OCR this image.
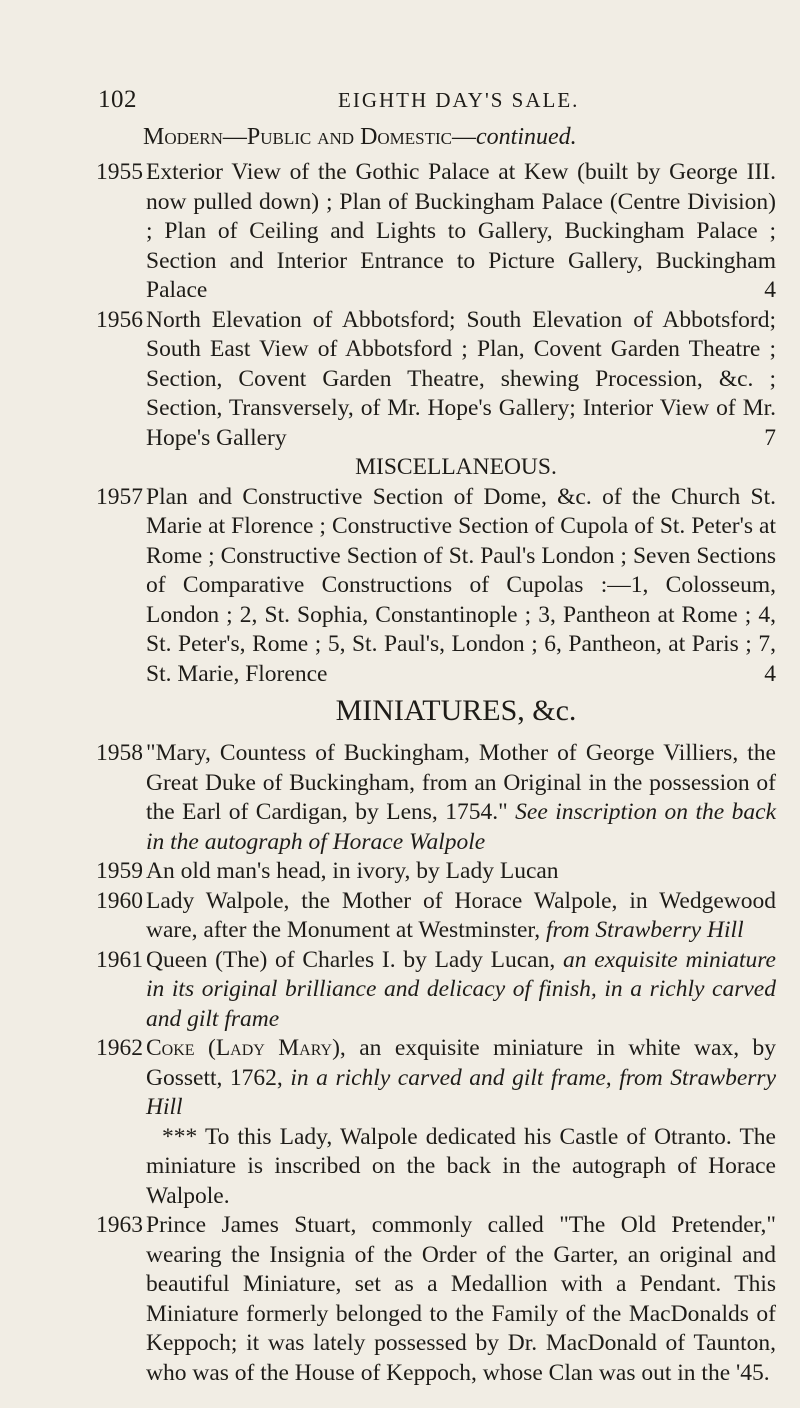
102	EIGHTH DAY'S SALE.
Modern—Public and Domestic—continued.

1955 Exterior View of the Gothic Palace at Kew (built by George III. now pulled down) ; Plan of Buckingham Palace (Centre Division) ; Plan of Ceiling and Lights to Gallery, Buckingham Palace ; Section and Interior Entrance to Picture Gallery, Buckingham Palace	4

1956 North Elevation of Abbotsford; South Elevation of Abbotsford; South East View of Abbotsford ; Plan, Covent Garden Theatre ; Section, Covent Garden Theatre, shewing Procession, &c. ; Section, Transversely, of Mr. Hope's Gallery; Interior View of Mr. Hope's Gallery	7

MISCELLANEOUS.

1957 Plan and Constructive Section of Dome, &c. of the Church St. Marie at Florence ; Constructive Section of Cupola of St. Peter's at Rome ; Constructive Section of St. Paul's London ; Seven Sections of Comparative Constructions of Cupolas :—1, Colosseum, London ; 2, St. Sophia, Constantinople ; 3, Pantheon at Rome ; 4, St. Peter's, Rome ; 5, St. Paul's, London ; 6, Pantheon, at Paris ; 7, St. Marie, Florence	4

MINIATURES, &c.

1958 "Mary, Countess of Buckingham, Mother of George Villiers, the Great Duke of Buckingham, from an Original in the possession of the Earl of Cardigan, by Lens, 1754." See inscription on the back in the autograph of Horace Walpole

1959 An old man's head, in ivory, by Lady Lucan

1960 Lady Walpole, the Mother of Horace Walpole, in Wedgewood ware, after the Monument at Westminster, from Strawberry Hill

1961 Queen (The) of Charles I. by Lady Lucan, an exquisite miniature in its original brilliance and delicacy of finish, in a richly carved and gilt frame

1962 Coke (Lady Mary), an exquisite miniature in white wax, by Gossett, 1762, in a richly carved and gilt frame, from Strawberry Hill

*** To this Lady, Walpole dedicated his Castle of Otranto. The miniature is inscribed on the back in the autograph of Horace Walpole.

1963 Prince James Stuart, commonly called "The Old Pretender," wearing the Insignia of the Order of the Garter, an original and beautiful Miniature, set as a Medallion with a Pendant. This Miniature formerly belonged to the Family of the MacDonalds of Keppoch; it was lately possessed by Dr. MacDonald of Taunton, who was of the House of Keppoch, whose Clan was out in the '45.
